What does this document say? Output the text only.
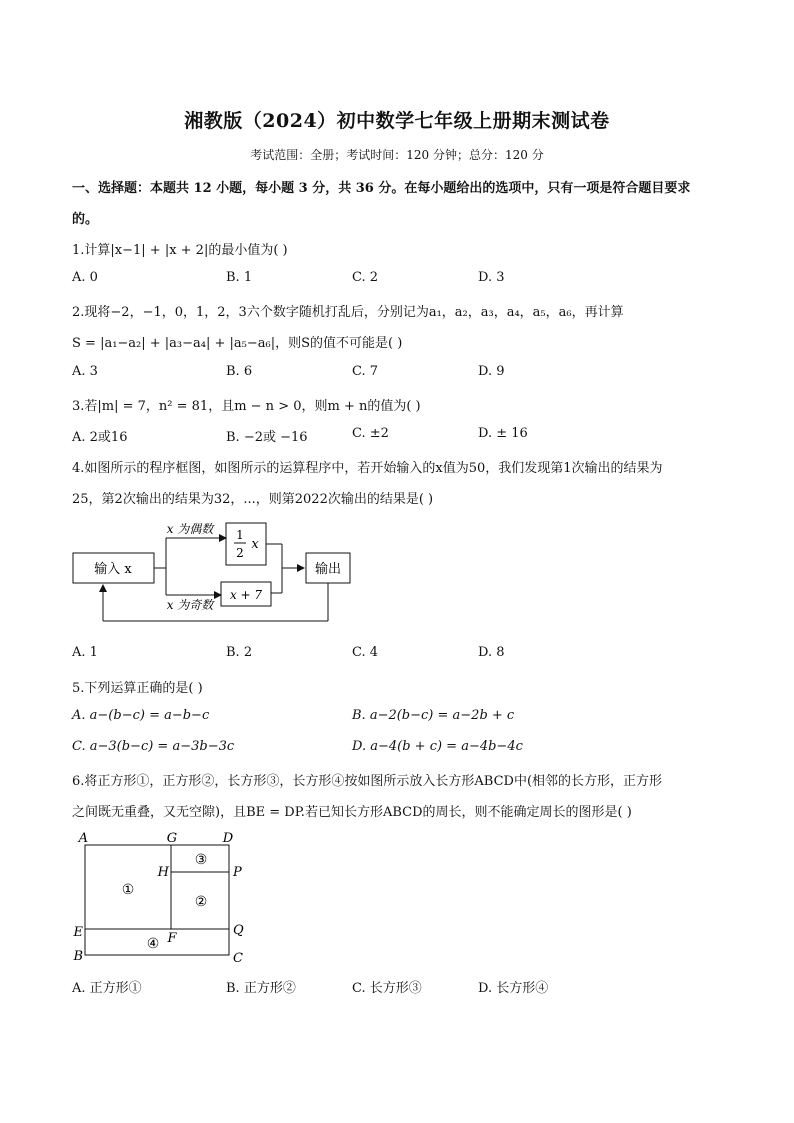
湘教版（2024）初中数学七年级上册期末测试卷
考试范围：全册；考试时间：120 分钟；总分：120 分
一、选择题：本题共 12 小题，每小题 3 分，共 36 分。在每小题给出的选项中，只有一项是符合题目要求
的。
1.计算|x−1| + |x + 2|的最小值为( )
A. 0	B. 1	C. 2	D. 3
2.现将−2，−1，0，1，2，3六个数字随机打乱后，分别记为a₁，a₂，a₃，a₄，a₅，a₆，再计算
S = |a₁−a₂| + |a₃−a₄| + |a₅−a₆|，则S的值不可能是( )
A. 3	B. 6	C. 7	D. 9
3.若|m| = 7，n² = 81，且m − n > 0，则m + n的值为( )
A. 2或16	B. −2或 −16	C. ±2	D. ± 16
4.如图所示的程序框图，如图所示的运算程序中，若开始输入的x值为50，我们发现第1次输出的结果为
25，第2次输出的结果为32，...，则第2022次输出的结果是( )
输入 x
x 为偶数
x 为奇数
1
2
x
x + 7
输出
A. 1	B. 2	C. 4	D. 8
5.下列运算正确的是( )
A. a−(b−c) = a−b−c	B. a−2(b−c) = a−2b + c
C. a−3(b−c) = a−3b−3c	D. a−4(b + c) = a−4b−4c
6.将正方形①，正方形②，长方形③，长方形④按如图所示放入长方形ABCD中(相邻的长方形，正方形
之间既无重叠，又无空隙)，且BE = DP.若已知长方形ABCD的周长，则不能确定周长的图形是( )
A	G	D
H	P
E	F
Q
B	C
①
②
③
④
A. 正方形①	B. 正方形②	C. 长方形③	D. 长方形④
